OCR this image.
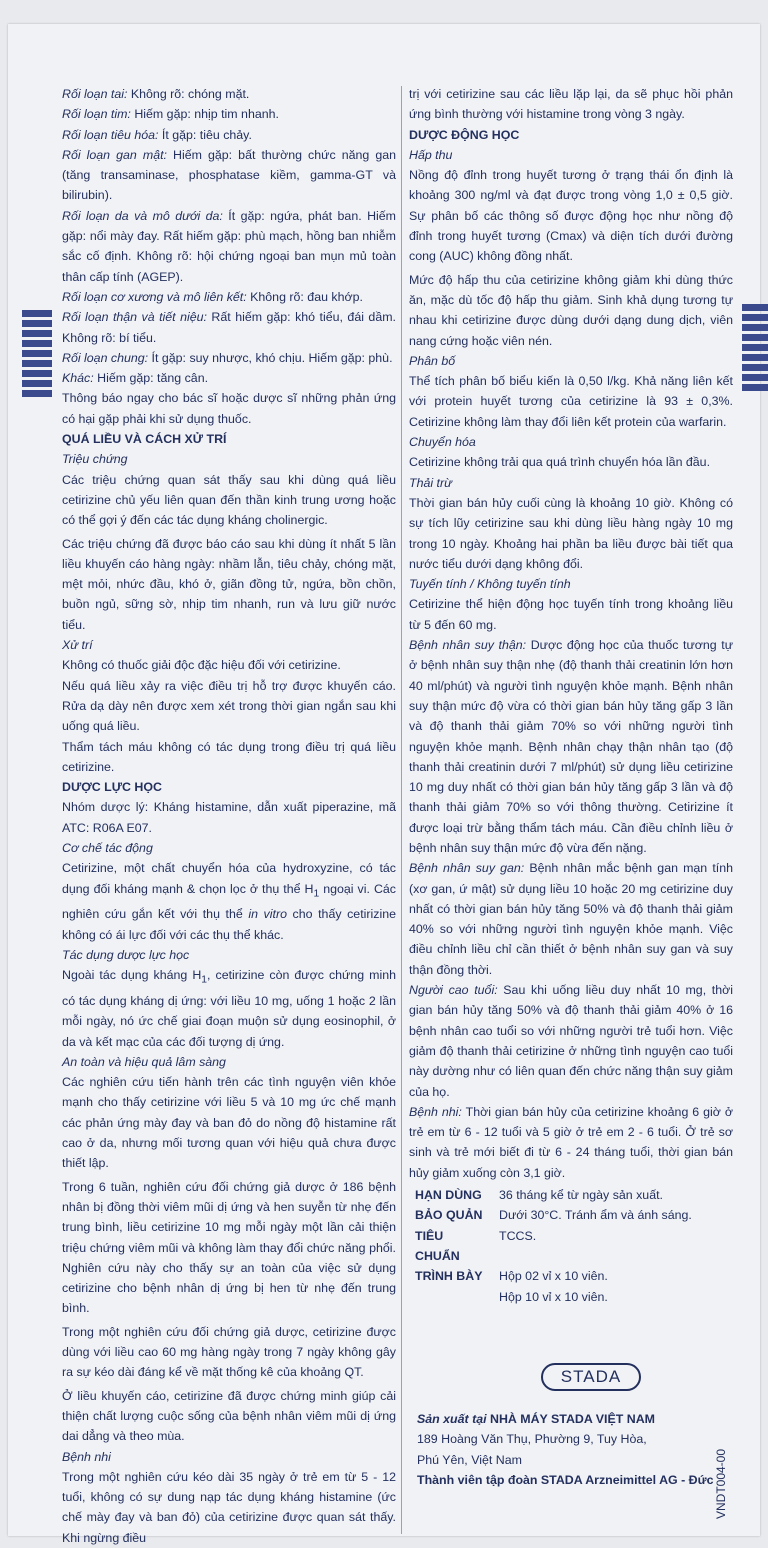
Rối loạn tai: Không rõ: chóng mặt.

Rối loạn tim: Hiếm gặp: nhịp tim nhanh.

Rối loạn tiêu hóa: Ít gặp: tiêu chảy.

Rối loạn gan mật: Hiếm gặp: bất thường chức năng gan (tăng transaminase, phosphatase kiềm, gamma-GT và bilirubin).

Rối loạn da và mô dưới da: Ít gặp: ngứa, phát ban. Hiếm gặp: nổi mày đay. Rất hiếm gặp: phù mạch, hồng ban nhiễm sắc cố định. Không rõ: hội chứng ngoại ban mụn mủ toàn thân cấp tính (AGEP).

Rối loạn cơ xương và mô liên kết: Không rõ: đau khớp.

Rối loạn thận và tiết niệu: Rất hiếm gặp: khó tiểu, đái dầm. Không rõ: bí tiểu.

Rối loạn chung: Ít gặp: suy nhược, khó chịu. Hiếm gặp: phù.

Khác: Hiếm gặp: tăng cân.

Thông báo ngay cho bác sĩ hoặc dược sĩ những phản ứng có hại gặp phải khi sử dụng thuốc.

QUÁ LIỀU VÀ CÁCH XỬ TRÍ

Triệu chứng

Các triệu chứng quan sát thấy sau khi dùng quá liều cetirizine chủ yếu liên quan đến thần kinh trung ương hoặc có thể gợi ý đến các tác dụng kháng cholinergic.

Các triệu chứng đã được báo cáo sau khi dùng ít nhất 5 lần liều khuyến cáo hàng ngày: nhầm lẫn, tiêu chảy, chóng mặt, mệt mỏi, nhức đầu, khó ở, giãn đồng tử, ngứa, bồn chồn, buồn ngủ, sững sờ, nhịp tim nhanh, run và lưu giữ nước tiểu.

Xử trí

Không có thuốc giải độc đặc hiệu đối với cetirizine.

Nếu quá liều xảy ra việc điều trị hỗ trợ được khuyến cáo. Rửa dạ dày nên được xem xét trong thời gian ngắn sau khi uống quá liều.

Thẩm tách máu không có tác dụng trong điều trị quá liều cetirizine.

DƯỢC LỰC HỌC

Nhóm dược lý: Kháng histamine, dẫn xuất piperazine, mã ATC: R06A E07.

Cơ chế tác động

Cetirizine, một chất chuyển hóa của hydroxyzine, có tác dụng đối kháng mạnh & chọn lọc ở thụ thể $H_1$ ngoại vi. Các nghiên cứu gắn kết với thụ thể in vitro cho thấy cetirizine không có ái lực đối với các thụ thể khác.

Tác dụng dược lực học

Ngoài tác dụng kháng $H_1$, cetirizine còn được chứng minh có tác dụng kháng dị ứng: với liều 10 mg, uống 1 hoặc 2 lần mỗi ngày, nó ức chế giai đoạn muộn sử dụng eosinophil, ở da và kết mạc của các đối tượng dị ứng.

An toàn và hiệu quả lâm sàng

Các nghiên cứu tiến hành trên các tình nguyện viên khỏe mạnh cho thấy cetirizine với liều 5 và 10 mg ức chế mạnh các phản ứng mày đay và ban đỏ do nồng độ histamine rất cao ở da, nhưng mối tương quan với hiệu quả chưa được thiết lập.

Trong 6 tuần, nghiên cứu đối chứng giả dược ở 186 bệnh nhân bị đồng thời viêm mũi dị ứng và hen suyễn từ nhẹ đến trung bình, liều cetirizine 10 mg mỗi ngày một lần cải thiện triệu chứng viêm mũi và không làm thay đổi chức năng phổi. Nghiên cứu này cho thấy sự an toàn của việc sử dụng cetirizine cho bệnh nhân dị ứng bị hen từ nhẹ đến trung bình.

Trong một nghiên cứu đối chứng giả dược, cetirizine được dùng với liều cao 60 mg hàng ngày trong 7 ngày không gây ra sự kéo dài đáng kể về mặt thống kê của khoảng QT.

Ở liều khuyến cáo, cetirizine đã được chứng minh giúp cải thiện chất lượng cuộc sống của bệnh nhân viêm mũi dị ứng dai dẳng và theo mùa.

Bệnh nhi

Trong một nghiên cứu kéo dài 35 ngày ở trẻ em từ 5 - 12 tuổi, không có sự dung nạp tác dụng kháng histamine (ức chế mày đay và ban đỏ) của cetirizine được quan sát thấy. Khi ngừng điều

trị với cetirizine sau các liều lặp lại, da sẽ phục hồi phản ứng bình thường với histamine trong vòng 3 ngày.

DƯỢC ĐỘNG HỌC

Hấp thu

Nồng độ đỉnh trong huyết tương ở trạng thái ổn định là khoảng 300 ng/ml và đạt được trong vòng 1,0 ± 0,5 giờ. Sự phân bố các thông số được động học như nồng độ đỉnh trong huyết tương (Cmax) và diện tích dưới đường cong (AUC) không đồng nhất.

Mức độ hấp thu của cetirizine không giảm khi dùng thức ăn, mặc dù tốc độ hấp thu giảm. Sinh khả dụng tương tự nhau khi cetirizine được dùng dưới dạng dung dịch, viên nang cứng hoặc viên nén.

Phân bố

Thể tích phân bố biểu kiến là 0,50 l/kg. Khả năng liên kết với protein huyết tương của cetirizine là 93 ± 0,3%. Cetirizine không làm thay đổi liên kết protein của warfarin.

Chuyển hóa

Cetirizine không trải qua quá trình chuyển hóa lần đầu.

Thải trừ

Thời gian bán hủy cuối cùng là khoảng 10 giờ. Không có sự tích lũy cetirizine sau khi dùng liều hàng ngày 10 mg trong 10 ngày. Khoảng hai phần ba liều được bài tiết qua nước tiểu dưới dạng không đổi.

Tuyến tính / Không tuyến tính

Cetirizine thể hiện động học tuyến tính trong khoảng liều từ 5 đến 60 mg.

Bệnh nhân suy thận: Dược động học của thuốc tương tự ở bệnh nhân suy thận nhẹ (độ thanh thải creatinin lớn hơn 40 ml/phút) và người tình nguyện khỏe mạnh. Bệnh nhân suy thận mức độ vừa có thời gian bán hủy tăng gấp 3 lần và độ thanh thải giảm 70% so với những người tình nguyện khỏe mạnh. Bệnh nhân chạy thận nhân tạo (độ thanh thải creatinin dưới 7 ml/phút) sử dụng liều cetirizine 10 mg duy nhất có thời gian bán hủy tăng gấp 3 lần và độ thanh thải giảm 70% so với thông thường. Cetirizine ít được loại trừ bằng thẩm tách máu. Cần điều chỉnh liều ở bệnh nhân suy thận mức độ vừa đến nặng.

Bệnh nhân suy gan: Bệnh nhân mắc bệnh gan mạn tính (xơ gan, ứ mật) sử dụng liều 10 hoặc 20 mg cetirizine duy nhất có thời gian bán hủy tăng 50% và độ thanh thải giảm 40% so với những người tình nguyện khỏe mạnh. Việc điều chỉnh liều chỉ cần thiết ở bệnh nhân suy gan và suy thận đồng thời.

Người cao tuổi: Sau khi uống liều duy nhất 10 mg, thời gian bán hủy tăng 50% và độ thanh thải giảm 40% ở 16 bệnh nhân cao tuổi so với những người trẻ tuổi hơn. Việc giảm độ thanh thải cetirizine ở những tình nguyện cao tuổi này dường như có liên quan đến chức năng thận suy giảm của họ.

Bệnh nhi: Thời gian bán hủy của cetirizine khoảng 6 giờ ở trẻ em từ 6 - 12 tuổi và 5 giờ ở trẻ em 2 - 6 tuổi. Ở trẻ sơ sinh và trẻ mới biết đi từ 6 - 24 tháng tuổi, thời gian bán hủy giảm xuống còn 3,1 giờ.

HẠN DÙNG	36 tháng kể từ ngày sản xuất.
BẢO QUẢN	Dưới 30°C. Tránh ẩm và ánh sáng.
TIÊU CHUẨN	TCCS.
TRÌNH BÀY	Hộp 02 vỉ x 10 viên.
	Hộp 10 vỉ x 10 viên.
STADA
Sản xuất tại NHÀ MÁY STADA VIỆT NAM
189 Hoàng Văn Thụ, Phường 9, Tuy Hòa,
Phú Yên, Việt Nam
Thành viên tập đoàn STADA Arzneimittel AG - Đức VNDT004-00
